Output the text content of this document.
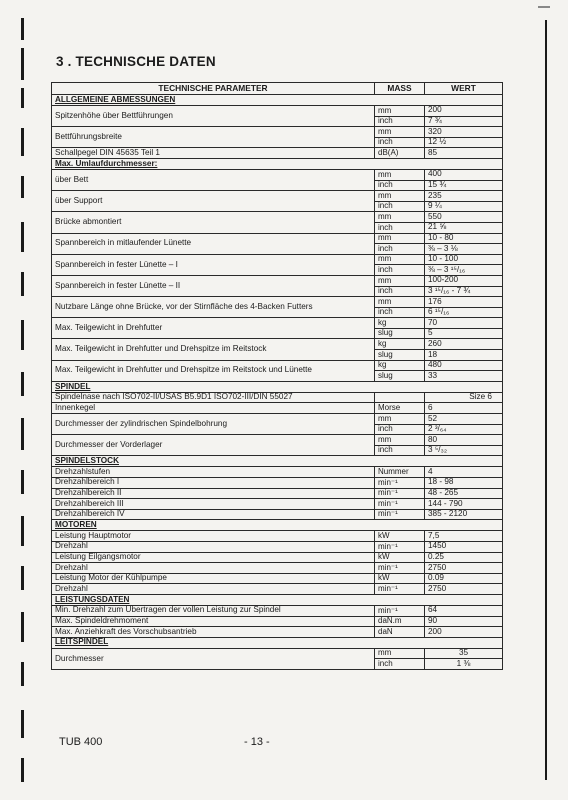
3 . TECHNISCHE DATEN
TECHNISCHE PARAMETER	MASS	WERT
ALLGEMEINE ABMESSUNGEN		
Spitzenhöhe über Bettführungen	mm	200
	inch	7 ¾
Bettführungsbreite	mm	320
	inch	12 ½
Schallpegel DIN 45635 Teil 1	dB(A)	85
Max. Umlaufdurchmesser:		
über Bett	mm	400
	inch	15 ¾
über Support	mm	235
	inch	9 ¼
Brücke abmontiert	mm	550
	inch	21 ⅝
Spannbereich in mitlaufender Lünette	mm	10 - 80
	inch	⅜ – 3 ⅛
Spannbereich in fester Lünette – I	mm	10 - 100
	inch	⅜ – 3 ¹⁵/₁₆
Spannbereich in fester Lünette – II	mm	100-200
	inch	3 ¹⁵/₁₆ - 7 ¾
Nutzbare Länge ohne Brücke, vor der Stirnfläche des 4-Backen Futters	mm	176
	inch	6 ¹⁵/₁₆
Max. Teilgewicht in Drehfutter	kg	70
	slug	5
Max. Teilgewicht in Drehfutter und Drehspitze im Reitstock	kg	260
	slug	18
Max. Teilgewicht in Drehfutter und Drehspitze im Reitstock und Lünette	kg	480
	slug	33
SPINDEL		
Spindelnase nach ISO702-II/USAS B5.9D1 ISO702-III/DIN 55027		Size 6
Innenkegel	Morse	6
Durchmesser der zylindrischen Spindelbohrung	mm	52
	inch	2 ³/₆₄
Durchmesser der Vorderlager	mm	80
	inch	3 ⁵/₃₂
SPINDELSTOCK		
Drehzahlstufen	Nummer	4
Drehzahlbereich I	min⁻¹	18 - 98
Drehzahlbereich II	min⁻¹	48 - 265
Drehzahlbereich III	min⁻¹	144 - 790
Drehzahlbereich IV	min⁻¹	385 - 2120
MOTOREN		
Leistung Hauptmotor	kW	7,5
Drehzahl	min⁻¹	1450
Leistung Eilgangsmotor	kW	0.25
Drehzahl	min⁻¹	2750
Leistung Motor der Kühlpumpe	kW	0.09
Drehzahl	min⁻¹	2750
LEISTUNGSDATEN		
Min. Drehzahl zum Übertragen der vollen Leistung zur Spindel	min⁻¹	64
Max. Spindeldrehmoment	daN.m	90
Max. Anziehkraft des Vorschubsantrieb	daN	200
LEITSPINDEL		
Durchmesser	mm	35
	inch	1 ⅜
TUB 400	- 13 -
